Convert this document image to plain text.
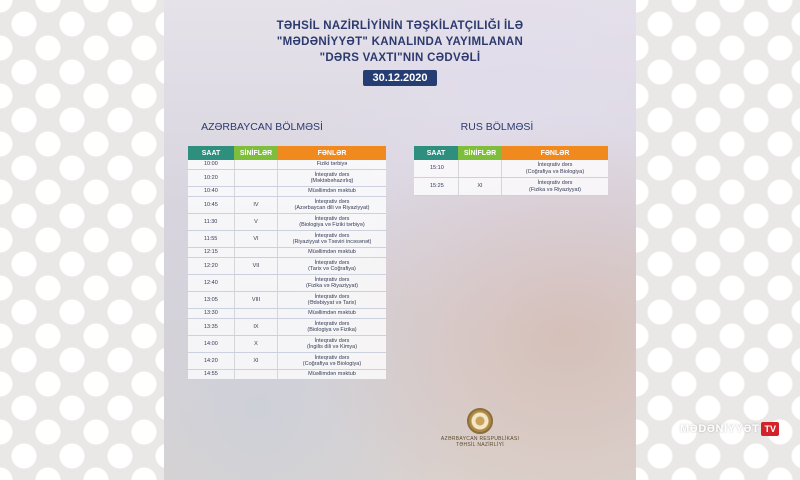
TƏHSİL NAZİRLİYİNİN TƏŞKİLATÇILIĞI İLƏ
"MƏDƏNİYYƏT" KANALINDA YAYIMLANAN
"DƏRS VAXTI"NIN CƏDVƏLİ
30.12.2020
AZƏRBAYCAN BÖLMƏSİ	RUS BÖLMƏSİ
SAAT	SİNİFLƏR	FƏNLƏR
10:00		Fiziki tərbiyə

10:20		İnteqrativ dərs
(Məktəbəhazırlıq)

10:40		Müəllimdən məktub

10:45	IV	İnteqrativ dərs
(Azərbaycan dili və Riyaziyyat)

11:30	V	İnteqrativ dərs
(Biologiya və Fiziki tərbiyə)

11:55	VI	İnteqrativ dərs
(Riyaziyyat və Təsviri incəsənət)

12:15		Müəllimdən məktub

12:20	VII	İnteqrativ dərs
(Tarix və Coğrafiya)

12:40		İnteqrativ dərs
(Fizika və Riyaziyyat)

13:05	VIII	İnteqrativ dərs
(Ədəbiyyat və Tarix)

13:30		Müəllimdən məktub

13:35	IX	İnteqrativ dərs
(Biologiya və Fizika)

14:00	X	İnteqrativ dərs
(İngilis dili və Kimya)

14:20	XI	İnteqrativ dərs
(Coğrafiya və Biologiya)

14:55		Müəllimdən məktub
SAAT	SİNİFLƏR	FƏNLƏR
15:10		İnteqrativ dərs
(Coğrafiya və Biologiya)

15:25	XI	İnteqrativ dərs
(Fizika və Riyaziyyat)
AZƏRBAYCAN RESPUBLİKASI
TƏHSİL NAZİRLİYİ
MƏDƏNİYYƏT TV
